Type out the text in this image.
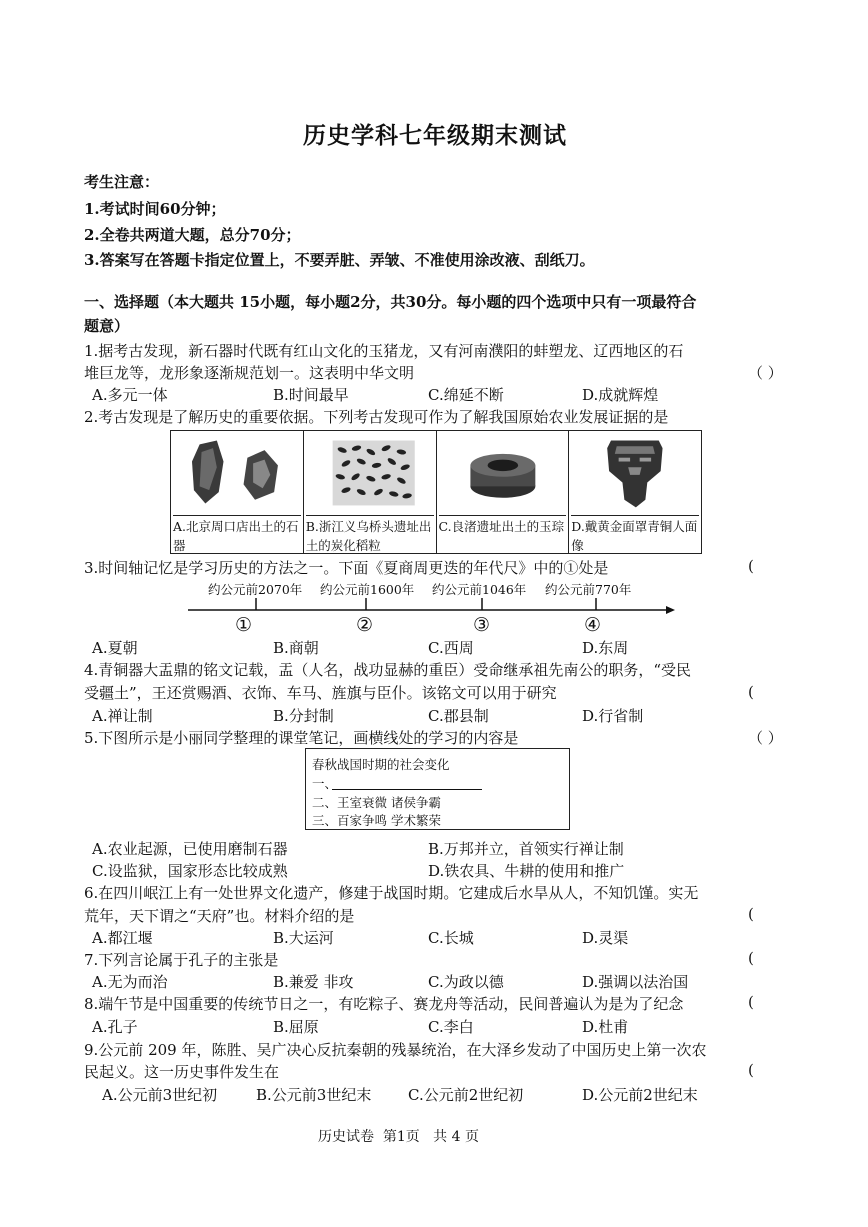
历史学科七年级期末测试
考生注意：
1.考试时间60分钟；
2.全卷共两道大题，总分70分；
3.答案写在答题卡指定位置上，不要弄脏、弄皱、不准使用涂改液、刮纸刀。
一、选择题（本大题共 15小题，每小题2分，共30分。每小题的四个选项中只有一项最符合
题意）
1.据考古发现，新石器时代既有红山文化的玉猪龙，又有河南濮阳的蚌塑龙、辽西地区的石
堆巨龙等，龙形象逐渐规范划一。这表明中华文明	（ ）
A.多元一体	B.时间最早	C.绵延不断	D.成就辉煌
2.考古发现是了解历史的重要依据。下列考古发现可作为了解我国原始农业发展证据的是
A.北京周口店出土的石器
B.浙江义乌桥头遗址出土的炭化稻粒
C.良渚遗址出土的玉琮 D.戴黄金面罩青铜人面像
3.时间轴记忆是学习历史的方法之一。下面《夏商周更迭的年代尺》中的①处是	(
约公元前2070年 约公元前1600年 约公元前1046年 约公元前770年
①	②	③	④
A.夏朝	B.商朝	C.西周	D.东周
4.青铜器大盂鼎的铭文记载，盂（人名，战功显赫的重臣）受命继承祖先南公的职务，“受民
受疆土”，王还赏赐酒、衣饰、车马、旌旗与臣仆。该铭文可以用于研究	(
A.禅让制	B.分封制	C.郡县制	D.行省制
5.下图所示是小丽同学整理的课堂笔记，画横线处的学习的内容是	（ ）
春秋战国时期的社会变化
一、
二、王室衰微 诸侯争霸
三、百家争鸣 学术繁荣
A.农业起源，已使用磨制石器	B.万邦并立，首领实行禅让制
C.设监狱，国家形态比较成熟	D.铁农具、牛耕的使用和推广
6.在四川岷江上有一处世界文化遗产，修建于战国时期。它建成后水旱从人，不知饥馑。实无
荒年，天下谓之“天府”也。材料介绍的是	(
A.都江堰	B.大运河	C.长城	D.灵渠
7.下列言论属于孔子的主张是	(
A.无为而治	B.兼爱 非攻	C.为政以德	D.强调以法治国
8.端午节是中国重要的传统节日之一，有吃粽子、赛龙舟等活动，民间普遍认为是为了纪念	(
A.孔子	B.屈原	C.李白	D.杜甫
9.公元前 209 年，陈胜、吴广决心反抗秦朝的残暴统治，在大泽乡发动了中国历史上第一次农
民起义。这一历史事件发生在	(
A.公元前3世纪初	B.公元前3世纪末 C.公元前2世纪初	D.公元前2世纪末
历史试卷  第1页   共 4 页
